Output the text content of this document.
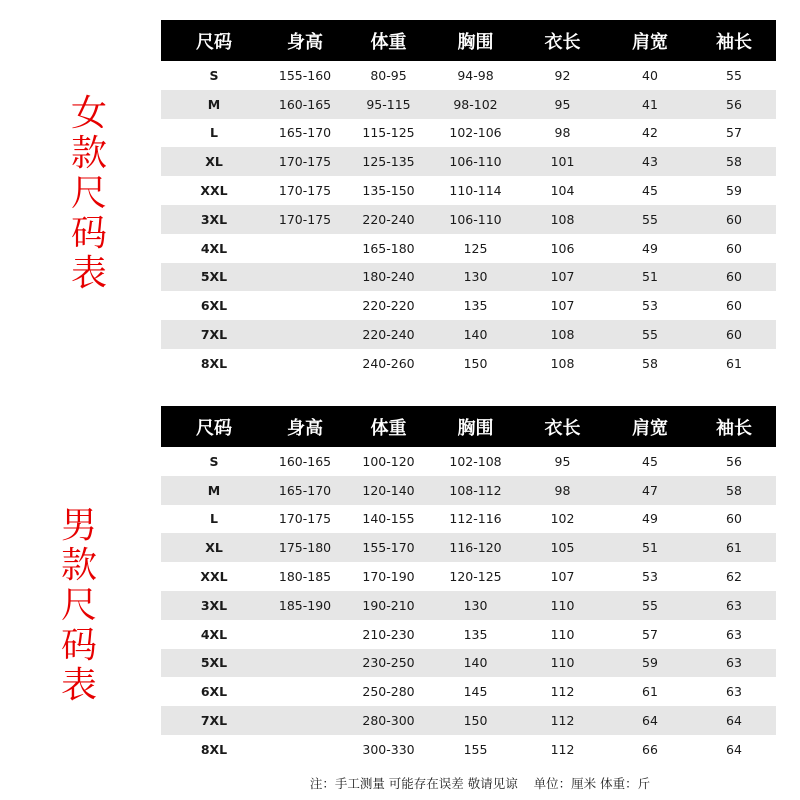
女
款
尺
码
表
尺码	身高	体重	胸围	衣长	肩宽	袖长
S	155-160	80-95	94-98	92	40	55
M	160-165	95-115	98-102	95	41	56
L	165-170	115-125	102-106	98	42	57
XL	170-175	125-135	106-110	101	43	58
XXL	170-175	135-150	110-114	104	45	59
3XL	170-175	220-240	106-110	108	55	60
4XL		165-180	125	106	49	60
5XL		180-240	130	107	51	60
6XL		220-220	135	107	53	60
7XL		220-240	140	108	55	60
8XL		240-260	150	108	58	61
男
款
尺
码
表
尺码	身高	体重	胸围	衣长	肩宽	袖长
S	160-165	100-120	102-108	95	45	56
M	165-170	120-140	108-112	98	47	58
L	170-175	140-155	112-116	102	49	60
XL	175-180	155-170	116-120	105	51	61
XXL	180-185	170-190	120-125	107	53	62
3XL	185-190	190-210	130	110	55	63
4XL		210-230	135	110	57	63
5XL		230-250	140	110	59	63
6XL		250-280	145	112	61	63
7XL		280-300	150	112	64	64
8XL		300-330	155	112	66	64
注：手工测量 可能存在误差 敬请见谅    单位：厘米 体重：斤
